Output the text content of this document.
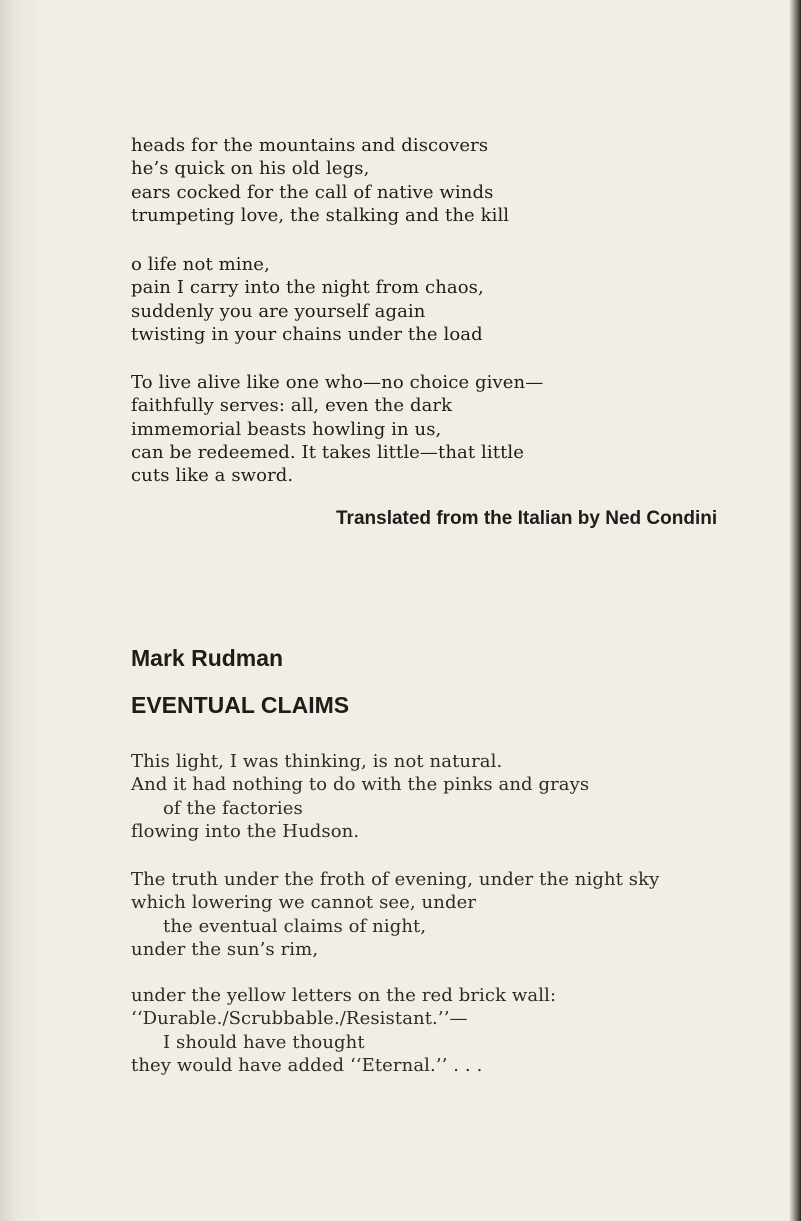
heads for the mountains and discovers
he’s quick on his old legs,
ears cocked for the call of native winds
trumpeting love, the stalking and the kill
o life not mine,
pain I carry into the night from chaos,
suddenly you are yourself again
twisting in your chains under the load
To live alive like one who—no choice given—
faithfully serves: all, even the dark
immemorial beasts howling in us,
can be redeemed. It takes little—that little
cuts like a sword.
Translated from the Italian by Ned Condini
Mark Rudman
EVENTUAL CLAIMS
This light, I was thinking, is not natural.
And it had nothing to do with the pinks and grays
of the factories
flowing into the Hudson.
The truth under the froth of evening, under the night sky
which lowering we cannot see, under
the eventual claims of night,
under the sun’s rim,
under the yellow letters on the red brick wall:
‘‘Durable./Scrubbable./Resistant.’’—
I should have thought
they would have added ‘‘Eternal.’’ . . .
